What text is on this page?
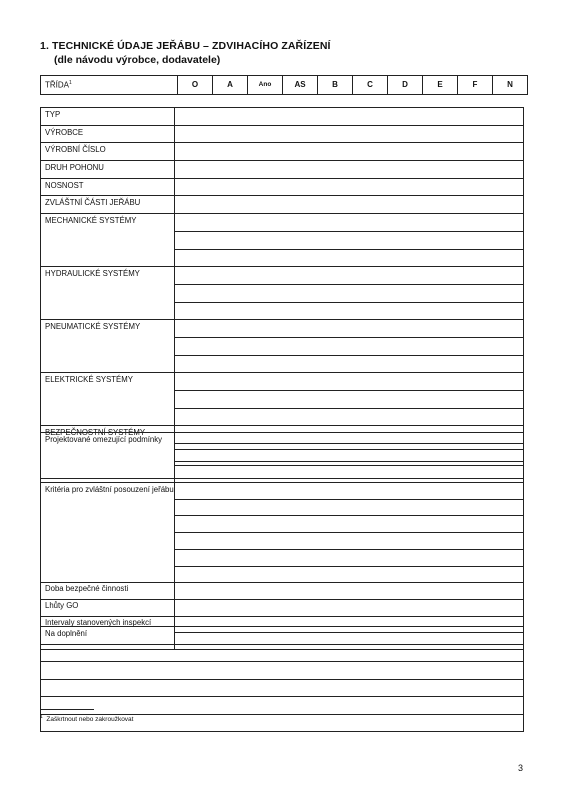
1. TECHNICKÉ ÚDAJE JEŘÁBU – ZDVIHACÍHO ZAŘÍZENÍ
(dle návodu výrobce, dodavatele)
TŘÍDA$^1$	O	A	Ano	AS	B	C	D	E	F	N
TYP	
VÝROBCE	
VÝROBNÍ ČÍSLO	
DRUH POHONU	
NOSNOST	
ZVLÁŠTNÍ ČÁSTI JEŘÁBU	
MECHANICKÉ SYSTÉMY	

HYDRAULICKÉ SYSTÉMY	

PNEUMATICKÉ SYSTÉMY	

ELEKTRICKÉ SYSTÉMY	

BEZPEČNOSTNÍ SYSTÉMY	

Projektované omezující podmínky	

Kritéria pro zvláštní posouzení jeřábu	

Doba bezpečné činnosti	
Lhůty GO	
Intervaly stanovených inspekcí	

Na doplnění

$^1$ Zaškrtnout nebo zakroužkovat
3
